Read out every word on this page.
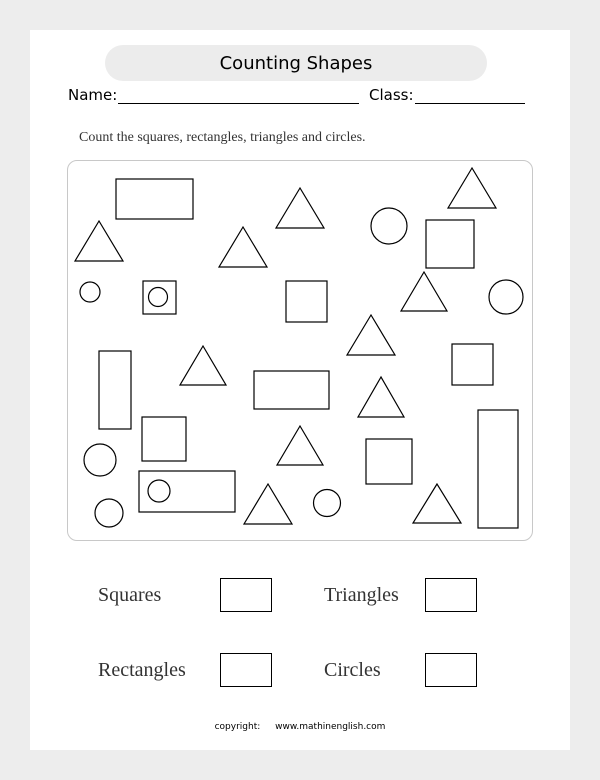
Counting Shapes
Name:	Class:
Count the squares, rectangles, triangles and circles.
Squares	Triangles
Rectangles	Circles
copyright: www.mathinenglish.com
